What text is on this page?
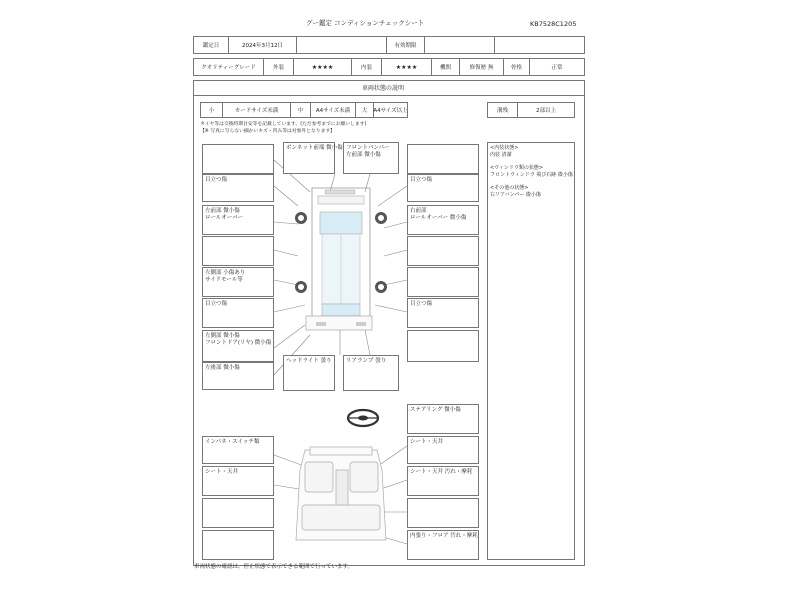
グー鑑定 コンディションチェックシート	KB7528C1205
鑑定日	2024年3月12日	有効期限
クオリティーグレード	外装	★★★★	内装	★★★★	機関	修復歴 無	骨格	正常
車両状態の説明
小	カードサイズ未満	中	A4サイズ未満	大	A4サイズ以上	溝残	2部以上
タイヤ等は交換時期目安等を記載しています。(ただ参考までにお願いします)
【※ 写真に写らない細かいキズ・凹み等は対象外となります】
目立つ傷
左前部 微小傷
ロールオーバー
左側部 小傷あり
サイドモール等
目立つ傷
左側部 微小傷
フロントドア(リヤ) 微小傷
左後部 微小傷
ボンネット前端 微小傷 フロントバンパー
左前部 微小傷
目立つ傷
右前部
ロールオーバー 微小傷
目立つ傷
ヘッドライト 曇り	リアランプ 曇り
インパネ・スイッチ類
シート・天井
ステアリング 微小傷
シート・天井
シート・天井 汚れ・摩耗
内張り・フロア 汚れ・摩耗
<内装状態>
内装 清潔
<ウィンドウ類の状態>
フロントウィンドウ 飛び石跡 微小傷
<その他の状態>
右リアバンパー 微小傷
車両状態の確認は、停止状態で表示できる範囲で行っています。
